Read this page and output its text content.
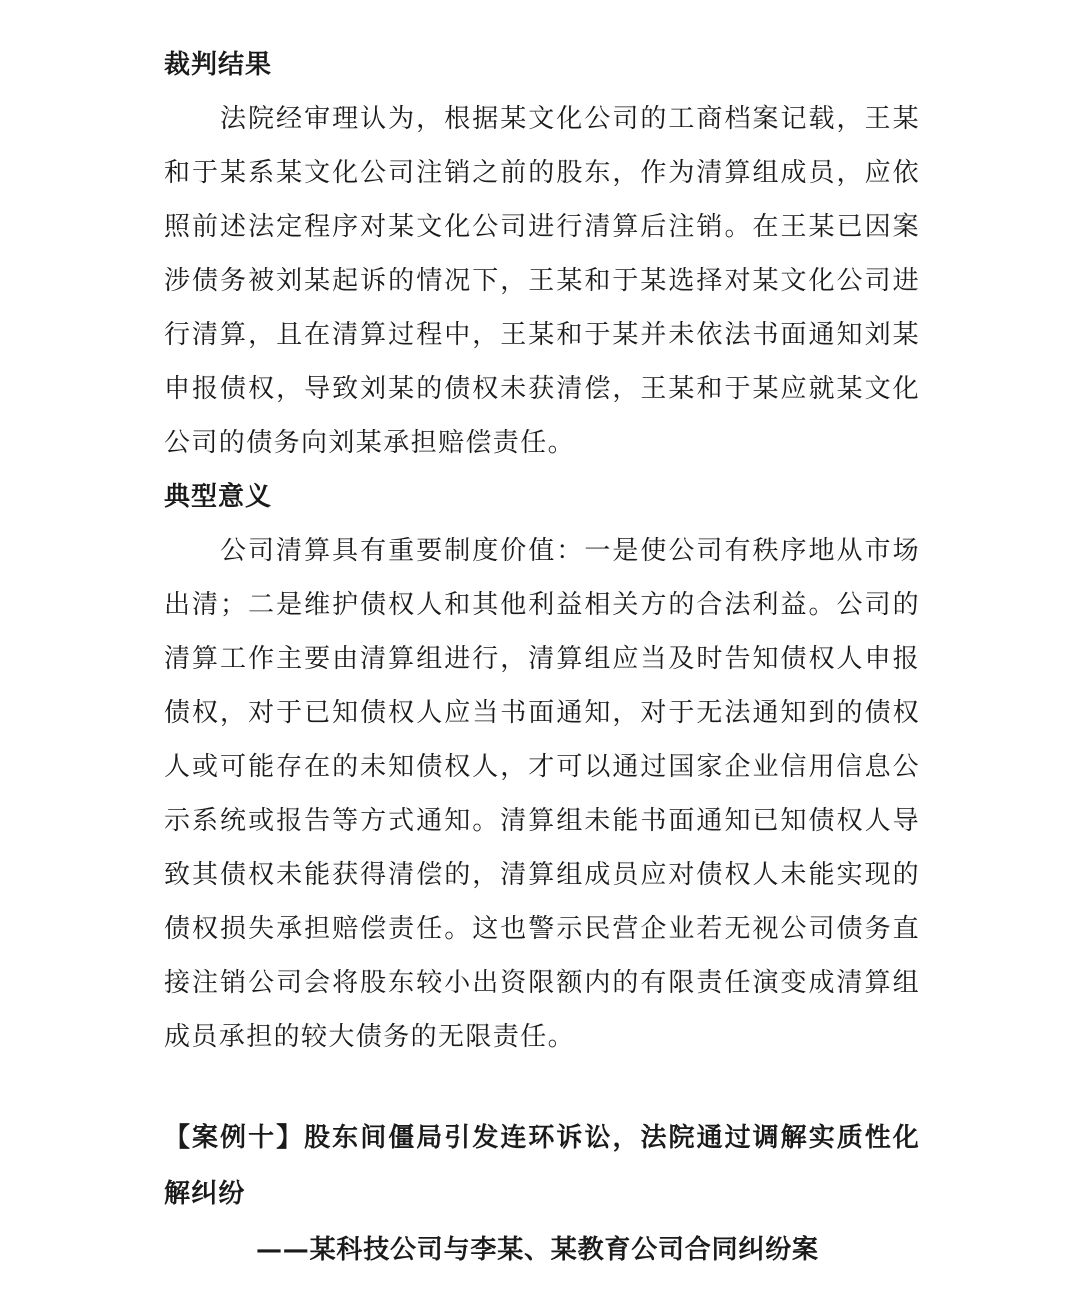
裁判结果

法院经审理认为，根据某文化公司的工商档案记载，王某和于某系某文化公司注销之前的股东，作为清算组成员，应依照前述法定程序对某文化公司进行清算后注销。在王某已因案涉债务被刘某起诉的情况下，王某和于某选择对某文化公司进行清算，且在清算过程中，王某和于某并未依法书面通知刘某申报债权，导致刘某的债权未获清偿，王某和于某应就某文化公司的债务向刘某承担赔偿责任。

典型意义

公司清算具有重要制度价值：一是使公司有秩序地从市场出清；二是维护债权人和其他利益相关方的合法利益。公司的清算工作主要由清算组进行，清算组应当及时告知债权人申报债权，对于已知债权人应当书面通知，对于无法通知到的债权人或可能存在的未知债权人，才可以通过国家企业信用信息公示系统或报告等方式通知。清算组未能书面通知已知债权人导致其债权未能获得清偿的，清算组成员应对债权人未能实现的债权损失承担赔偿责任。这也警示民营企业若无视公司债务直接注销公司会将股东较小出资限额内的有限责任演变成清算组成员承担的较大债务的无限责任。

【案例十】股东间僵局引发连环诉讼，法院通过调解实质性化解纠纷

——某科技公司与李某、某教育公司合同纠纷案
